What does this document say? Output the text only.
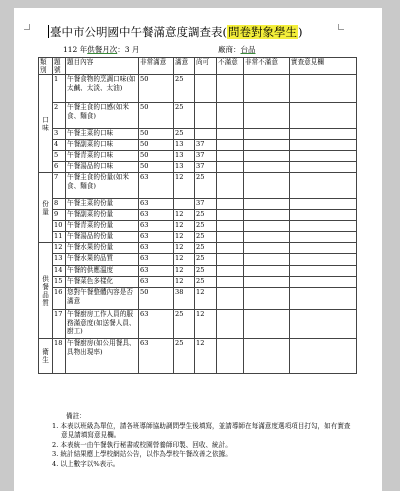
臺中市公明國中午餐滿意度調查表(問卷對象學生)
112 年供餐月次：3 月	廠商：台品
類別	題號	題目內容	非常滿意	滿意	尚可	不滿意	非常不滿意	實查意見欄
口味	1	午餐食物的烹調口味(如太鹹、太淡、太油)	50	25				
	2	午餐主食的口感(如米食、麵食)	50	25				
	3	午餐主菜的口味	50	25				
	4	午餐副菜的口味	50	13	37			
	5	午餐青菜的口味	50	13	37			
	6	午餐湯品的口味	50	13	37			
份量	7	午餐主食的份量(如米食、麵食)	63	12	25			
	8	午餐主菜的份量	63		37			
	9	午餐副菜的份量	63	12	25			
	10	午餐青菜的份量	63	12	25			
	11	午餐湯品的份量	63	12	25			
供餐品質	12	午餐水果的份量	63	12	25			
	13	午餐水果的品質	63	12	25			
	14	午餐的供應溫度	63	12	25			
	15	午餐菜色多樣化	63	12	25			
	16	您對午餐整體內容是否滿意	50	38	12			
	17	午餐廚房工作人員的服務滿意度(如送餐人員、廚工)	63	25	12			
衛生	18	午餐廚房(如公用餐具、具物出現率)	63	25	12			
備註：
1. 本表以班級為單位，請各班導師協助調問學生後填寫，並請導師在每滿意度選項項目打勾，如有實查意見請填寫意見欄。
2. 本表統一由午餐執行秘書或校園營養師印製、回收、統計。
3. 統計結果應上學校網站公告，以作為學校午餐改善之依據。
4. 以上數字以%表示。
